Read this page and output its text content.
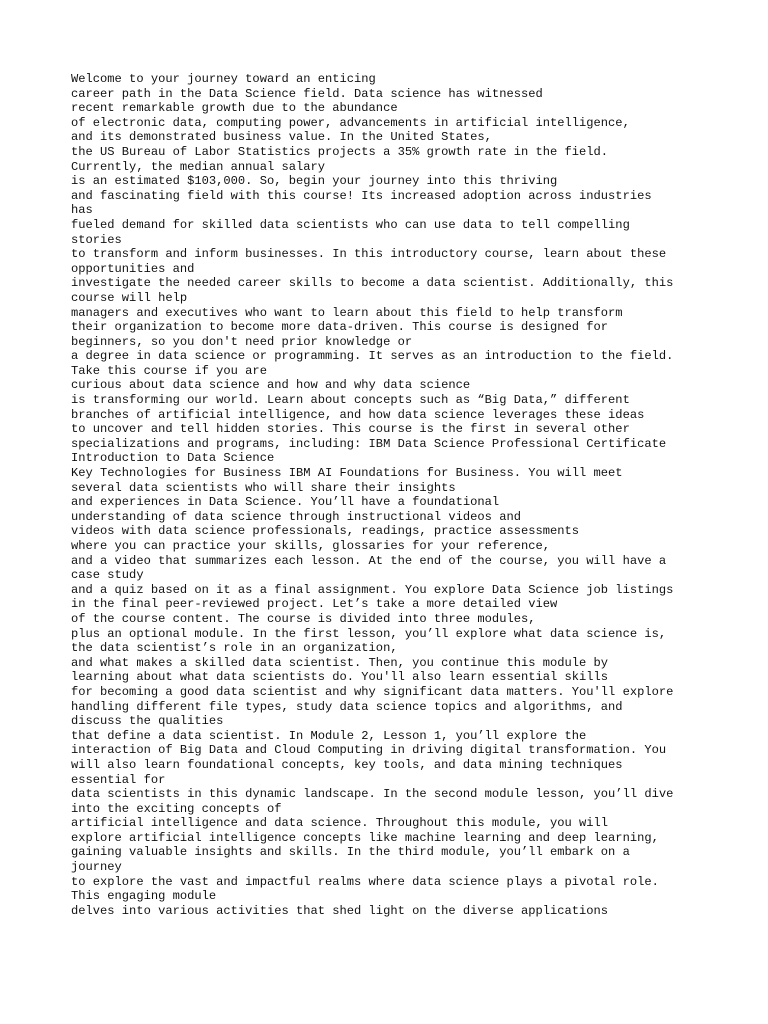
Welcome to your journey toward an enticing
career path in the Data Science field. Data science has witnessed
recent remarkable growth due to the abundance
of electronic data, computing power, advancements in artificial intelligence,
and its demonstrated business value. In the United States,
the US Bureau of Labor Statistics projects a 35% growth rate in the field.
Currently, the median annual salary
is an estimated $103,000. So, begin your journey into this thriving
and fascinating field with this course! Its increased adoption across industries
has
fueled demand for skilled data scientists who can use data to tell compelling
stories
to transform and inform businesses. In this introductory course, learn about these
opportunities and
investigate the needed career skills to become a data scientist. Additionally, this
course will help
managers and executives who want to learn about this field to help transform
their organization to become more data-driven. This course is designed for
beginners, so you don't need prior knowledge or
a degree in data science or programming. It serves as an introduction to the field.
Take this course if you are
curious about data science and how and why data science
is transforming our world. Learn about concepts such as “Big Data,” different
branches of artificial intelligence, and how data science leverages these ideas
to uncover and tell hidden stories. This course is the first in several other
specializations and programs, including: IBM Data Science Professional Certificate
Introduction to Data Science
Key Technologies for Business IBM AI Foundations for Business. You will meet
several data scientists who will share their insights
and experiences in Data Science. You’ll have a foundational
understanding of data science through instructional videos and
videos with data science professionals, readings, practice assessments
where you can practice your skills, glossaries for your reference,
and a video that summarizes each lesson. At the end of the course, you will have a
case study
and a quiz based on it as a final assignment. You explore Data Science job listings
in the final peer-reviewed project. Let’s take a more detailed view
of the course content. The course is divided into three modules,
plus an optional module. In the first lesson, you’ll explore what data science is,
the data scientist’s role in an organization,
and what makes a skilled data scientist. Then, you continue this module by
learning about what data scientists do. You'll also learn essential skills
for becoming a good data scientist and why significant data matters. You'll explore
handling different file types, study data science topics and algorithms, and
discuss the qualities
that define a data scientist. In Module 2, Lesson 1, you’ll explore the
interaction of Big Data and Cloud Computing in driving digital transformation. You
will also learn foundational concepts, key tools, and data mining techniques
essential for
data scientists in this dynamic landscape. In the second module lesson, you’ll dive
into the exciting concepts of
artificial intelligence and data science. Throughout this module, you will
explore artificial intelligence concepts like machine learning and deep learning,
gaining valuable insights and skills. In the third module, you’ll embark on a
journey
to explore the vast and impactful realms where data science plays a pivotal role.
This engaging module
delves into various activities that shed light on the diverse applications
